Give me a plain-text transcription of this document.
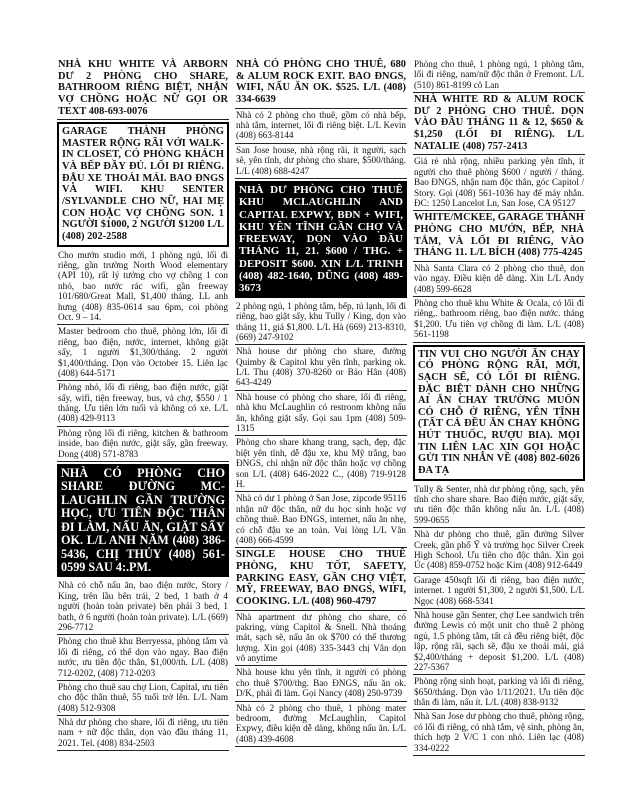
NHÀ KHU WHITE VÀ ARBORN DƯ 2 PHÒNG CHO SHARE, BATHROOM RIÊNG BIỆT, NHẬN VỢ CHỒNG HOẶC NỮ GỌI OR TEXT 408-693-0076
GARAGE THÀNH PHÒNG MASTER RỘNG RÃI VỚI WALK-IN CLOSET, CÓ PHÒNG KHÁCH VÀ BẾP ĐẦY ĐỦ. LỐI ĐI RIÊNG. ĐẬU XE THOẢI MÁI. BAO ĐNGS VÀ WIFI. KHU SENTER /SYLVANDLE CHO NỮ, HAI MẸ CON HOẶC VỢ CHỒNG SON. 1 NGƯỜI $1000, 2 NGƯỜI $1200 L/L (408) 202-2588
Cho mướn studio mới, 1 phòng ngủ, lối đi riêng, gần trường North Wood elementary (API 10), rất lý tưởng cho vợ chồng 1 con nhỏ, bao nước rác wifi, gần freeway 101/680/Great Mall, $1,400 tháng. LL anh hưng (408) 835-0614 sau 6pm, coi phòng Oct. 9 – 14.
Master bedroom cho thuê, phòng lớn, lối đi riêng, bao điện, nước, internet, không giặt sấy, 1 người $1,300/tháng. 2 người $1,400/tháng. Dọn vào October 15. Liên lạc (408) 644-5171
Phòng nhỏ, lối đi riêng, bao điện nước, giặt sấy, wifi, tiện freeway, bus, và chợ, $550 / 1 tháng. Ưu tiên lớn tuổi và không có xe. L/L (408) 429-9113
Phòng rộng lối đi riêng, kitchen & bathroom inside, bao điện nước, giặt sấy, gần freeway. Dong (408) 571-8783
NHÀ CÓ PHÒNG CHO SHARE ĐƯỜNG MC-LAUGHLIN GẦN TRƯỜNG HỌC, ƯU TIÊN ĐỘC THÂN ĐI LÀM, NẤU ĂN, GIẶT SẤY OK. L/L ANH NĂM (408) 386-5436, CHỊ THỦY (408) 561-0599 SAU 4:.PM.
Nhà có chỗ nấu ăn, bao điện nước, Story / King, trên lầu bên trái, 2 bed, 1 bath ở 4 người (hoàn toàn private) bên phải 3 bed, 1 bath, ở 6 người (hoàn toàn private). L/L (669) 296-7712
Phòng cho thuê khu Berryessa, phòng tắm và lối đi riêng, có thể dọn vào ngay. Bao điện nước, ưu tiên độc thân, $1,000/th. L/L (408) 712-0202, (408) 712-0203
Phòng cho thuê sau chợ Lion, Capital, ưu tiên cho độc thân thuê, 55 tuổi trở lên. L/L Nam (408) 512-9308
Nhà dư phòng cho share, lối đi riêng, ưu tiên nam + nữ độc thân, dọn vào đầu tháng 11, 2021. Tel. (408) 834-2503
NHÀ CÓ PHÒNG CHO THUÊ, 680 & ALUM ROCK EXIT. BAO ĐNGS, WIFI, NẤU ĂN OK. $525. L/L (408) 334-6639
Nhà có 2 phòng cho thuê, gồm có nhà bếp, nhà tắm, internet, lối đi riêng biệt. L/L Kevin (408) 663-8144
San Jose house, nhà rộng rãi, ít người, sạch sẽ, yên tĩnh, dư phòng cho share, $500/tháng. L/L (408) 688-4247
NHÀ DƯ PHÒNG CHO THUÊ KHU MCLAUGHLIN AND CAPITAL EXPWY, BĐN + WIFI, KHU YÊN TĨNH GẦN CHỢ VÀ FREEWAY, DỌN VÀO ĐẦU THÁNG 11, 21. $600 / THG. + DEPOSIT $600. XIN L/L TRINH (408) 482-1640, DŨNG (408) 489-3673
2 phòng ngủ, 1 phòng tắm, bếp, tủ lạnh, lối đi riêng, bao giặt sấy, khu Tully / King, dọn vào tháng 11, giá $1,800. L/L Hà (669) 213-8310, (669) 247-9102
Nhà house dư phòng cho share, đường Quimby & Capitol khu yên tĩnh, parking ok. L/L Thu (408) 370-8260 or Bảo Hân (408) 643-4249
Nhà house có phòng cho share, lối đi riêng, nhà khu McLaughlin có restroom không nấu ăn, không giặt sấy. Gọi sau 1pm (408) 509-1315
Phòng cho share khang trang, sạch, đẹp, đặc biệt yên tĩnh, dễ đậu xe, khu Mỹ trắng, bao ĐNGS, chỉ nhận nữ độc thân hoặc vợ chồng son L/L (408) 646-2022 C., (408) 719-9128 H.
Nhà có dư 1 phòng ở San Jose, zipcode 95116 nhận nữ độc thân, nữ du học sinh hoặc vợ chồng thuê. Bao ĐNGS, internet, nấu ăn nhẹ, có chỗ đậu xe an toàn. Vui lòng L/L Vân (408) 666-4599
SINGLE HOUSE CHO THUÊ PHÒNG, KHU TỐT, SAFETY, PARKING EASY, GẦN CHỢ VIỆT, MỸ, FREEWAY, BAO ĐNGS, WIFI, COOKING. L/L (408) 960-4797
Nhà apartment dư phòng cho share, có pakring, vùng Capitol & Snell. Nhà thoáng mát, sạch sẽ, nấu ăn ok $700 có thể thương lượng. Xin gọi (408) 335-3443 chị Vân dọn vô anytime
Nhà house khu yên tĩnh, ít người có phòng cho thuê $700/thg. Bao ĐNGS, nấu ăn ok. D/K, phải đi làm. Gọi Nancy (408) 250-9739
Nhà có 2 phòng cho thuê, 1 phòng mater bedroom, đường McLaughlin, Capitol Expwy, điều kiện dễ dàng, không nấu ăn. L/L (408) 439-4608
Phòng cho thuê, 1 phòng ngủ, 1 phòng tắm, lối đi riêng, nam/nữ độc thân ở Fremont. L/L (510) 861-8199 cô Lan
NHÀ WHITE RD & ALUM ROCK DƯ 2 PHÒNG CHO THUÊ. DỌN VÀO ĐẦU THÁNG 11 & 12, $650 & $1,250 (LỐI ĐI RIÊNG). L/L NATALIE (408) 757-2413
Giá rẻ nhà rộng, nhiều parking yên tĩnh, ít người cho thuê phòng $600 / người / tháng. Bao ĐNGS, nhận nam độc thân, góc Capitol / Story. Gọi (408) 561-1036 hay để máy nhắn. ĐC: 1250 Lancelot Ln, San Jose, CA 95127
WHITE/MCKEE, GARAGE THÀNH PHÒNG CHO MƯỚN, BẾP, NHÀ TẮM, VÀ LỐI ĐI RIÊNG, VÀO THÁNG 11. L/L BÍCH (408) 775-4245
Nhà Santa Clara có 2 phòng cho thuê, dọn vào ngay. Điều kiện dễ dàng. Xin L/L Andy (408) 599-6628
Phòng cho thuê khu White & Ocala, có lối đi riêng,. bathroom riêng, bao điện nước. tháng $1,200. Ưu tiên vợ chồng đi làm. L/L (408) 561-1198
TIN VUI CHO NGƯỜI ĂN CHAY CÓ PHÒNG RỘNG RÃI, MỚI, SẠCH SẼ, CÓ LỐI ĐI RIÊNG. ĐẶC BIỆT DÀNH CHO NHỮNG AI ĂN CHAY TRƯỜNG MUỐN CÓ CHỖ Ở RIÊNG, YÊN TĨNH (TẤT CẢ ĐỀU ĂN CHAY KHÔNG HÚT THUỐC, RƯỢU BIA). MỌI TIN LIÊN LẠC XIN GỌI HOẶC GỬI TIN NHẮN VỀ (408) 802-6026 ĐA TẠ
Tully & Senter, nhà dư phòng rộng, sạch, yên tĩnh cho share share. Bao điện nước, giặt sấy, ưu tiên độc thân không nấu ăn. L/L (408) 599-0655
Nhà dư phòng cho thuê, gần đường Silver Creek, gần phố Ỹ và trường học Silver Creek High School. Ưu tiên cho độc thân. Xin gọi Úc (408) 859-0752 hoặc Kim (408) 912-6449
Garage 450sqft lối đi riêng, bao điện nước, internet. 1 người $1,300, 2 người $1,500. L/L Ngọc (408) 668-5341
Nhà house gần Senter, chợ Lee sandwich trên đường Lewis có một unit cho thuê 2 phòng ngủ, 1.5 phòng tắm, tất cả đều riêng biệt, độc lập, rộng rãi, sạch sẽ, đậu xe thoải mái, giá $2,400/tháng + deposit $1,200. L/L (408) 227-5367
Phòng rộng sinh hoạt, parking và lối đi riêng, $650/tháng. Dọn vào 1/11/2021. Ưu tiên độc thân đi làm, nấu ít. L/L (408) 838-9132
Nhà San Jose dư phòng cho thuê, phòng rộng, có lối đi riêng, có nhà tắm, vệ sinh, phòng ăn, thích hợp 2 V/C 1 con nhỏ. Liên lạc (408) 334-0222
